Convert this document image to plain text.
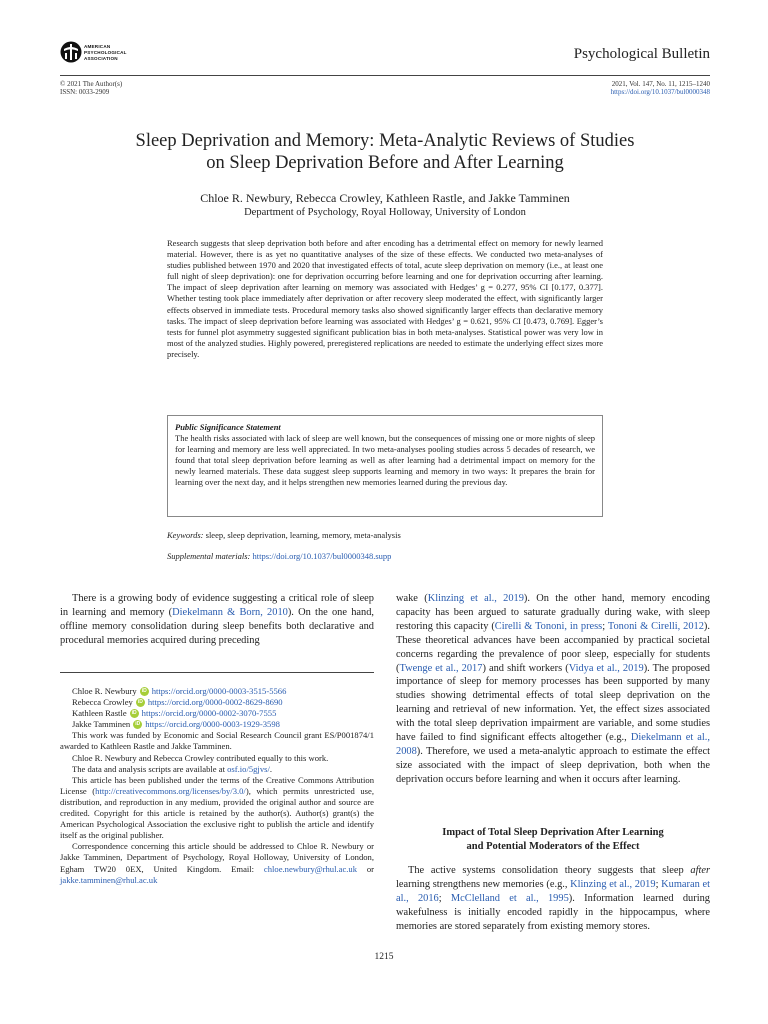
AMERICAN
PSYCHOLOGICAL
ASSOCIATION	Psychological Bulletin
© 2021 The Author(s)
ISSN: 0033-2909
2021, Vol. 147, No. 11, 1215–1240
https://doi.org/10.1037/bul0000348
Sleep Deprivation and Memory: Meta-Analytic Reviews of Studies
on Sleep Deprivation Before and After Learning
Chloe R. Newbury, Rebecca Crowley, Kathleen Rastle, and Jakke Tamminen
Department of Psychology, Royal Holloway, University of London
Research suggests that sleep deprivation both before and after encoding has a detrimental effect on memory for newly learned material. However, there is as yet no quantitative analyses of the size of these effects. We conducted two meta-analyses of studies published between 1970 and 2020 that investigated effects of total, acute sleep deprivation on memory (i.e., at least one full night of sleep deprivation): one for deprivation occurring before learning and one for deprivation occurring after learning. The impact of sleep deprivation after learning on memory was associated with Hedges’ g = 0.277, 95% CI [0.177, 0.377]. Whether testing took place immediately after deprivation or after recovery sleep moderated the effect, with significantly larger effects observed in immediate tests. Procedural memory tasks also showed significantly larger effects than declarative memory tasks. The impact of sleep deprivation before learning was associated with Hedges’ g = 0.621, 95% CI [0.473, 0.769]. Egger’s tests for funnel plot asymmetry suggested significant publication bias in both meta-analyses. Statistical power was very low in most of the analyzed studies. Highly powered, preregistered replications are needed to estimate the underlying effect sizes more precisely.
Public Significance Statement
The health risks associated with lack of sleep are well known, but the consequences of missing one or more nights of sleep for learning and memory are less well appreciated. In two meta-analyses pooling studies across 5 decades of research, we found that total sleep deprivation before learning as well as after learning had a detrimental impact on memory for the newly learned materials. These data suggest sleep supports learning and memory in two ways: It prepares the brain for learning over the next day, and it helps strengthen new memories learned during the previous day.
Keywords: sleep, sleep deprivation, learning, memory, meta-analysis
Supplemental materials: https://doi.org/10.1037/bul0000348.supp

There is a growing body of evidence suggesting a critical role of sleep in learning and memory (Diekelmann & Born, 2010). On the one hand, offline memory consolidation during sleep benefits both declarative and procedural memories acquired during preceding

Chloe R. Newbury	iD https://orcid.org/0000-0003-3515-5566
Rebecca Crowley	iD https://orcid.org/0000-0002-8629-8690
Kathleen Rastle	iD https://orcid.org/0000-0002-3070-7555
Jakke Tamminen	iD https://orcid.org/0000-0003-1929-3598

This work was funded by Economic and Social Research Council grant ES/P001874/1 awarded to Kathleen Rastle and Jakke Tamminen.

Chloe R. Newbury and Rebecca Crowley contributed equally to this work.

The data and analysis scripts are available at osf.io/5gjvs/.

This article has been published under the terms of the Creative Commons Attribution License (http://creativecommons.org/licenses/by/3.0/), which permits unrestricted use, distribution, and reproduction in any medium, provided the original author and source are credited. Copyright for this article is retained by the author(s). Author(s) grant(s) the American Psychological Association the exclusive right to publish the article and identify itself as the original publisher.

Correspondence concerning this article should be addressed to Chloe R. Newbury or Jakke Tamminen, Department of Psychology, Royal Holloway, University of London, Egham TW20 0EX, United Kingdom. Email: chloe.newbury@rhul.ac.uk or jakke.tamminen@rhul.ac.uk

wake (Klinzing et al., 2019). On the other hand, memory encoding capacity has been argued to saturate gradually during wake, with sleep restoring this capacity (Cirelli & Tononi, in press; Tononi & Cirelli, 2012). These theoretical advances have been accompanied by practical societal concerns regarding the prevalence of poor sleep, especially for students (Twenge et al., 2017) and shift workers (Vidya et al., 2019). The proposed importance of sleep for memory processes has been supported by many studies showing detrimental effects of total sleep deprivation on the learning and retrieval of new information. Yet, the effect sizes associated with the total sleep deprivation impairment are variable, and some studies have failed to find significant effects altogether (e.g., Diekelmann et al., 2008). Therefore, we used a meta-analytic approach to estimate the effect size associated with the impact of sleep deprivation, both when the deprivation occurs before learning and when it occurs after learning.

Impact of Total Sleep Deprivation After Learning
and Potential Moderators of the Effect

The active systems consolidation theory suggests that sleep after learning strengthens new memories (e.g., Klinzing et al., 2019; Kumaran et al., 2016; McClelland et al., 1995). Information learned during wakefulness is initially encoded rapidly in the hippocampus, where memories are stored separately from existing memory stores.

1215
